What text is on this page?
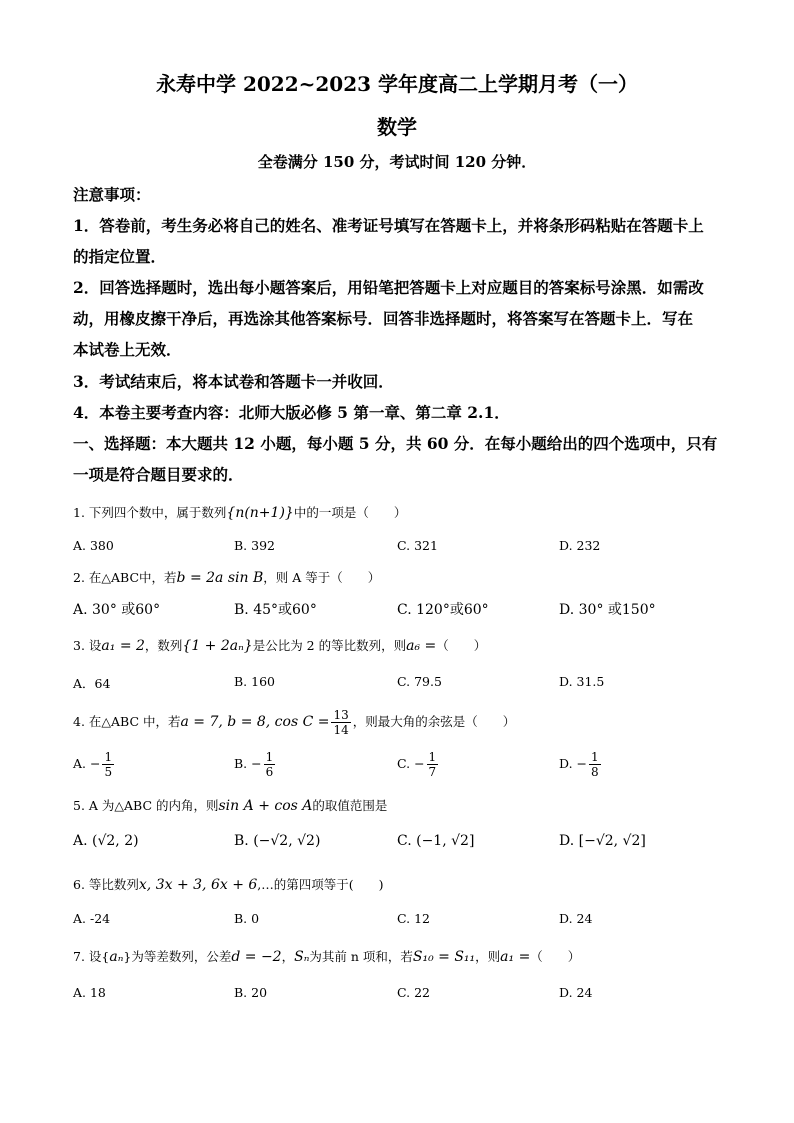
永寿中学 2022~2023 学年度高二上学期月考（一）
数学
全卷满分 150 分，考试时间 120 分钟．
注意事项：
1．答卷前，考生务必将自己的姓名、准考证号填写在答题卡上，并将条形码粘贴在答题卡上
的指定位置．
2．回答选择题时，选出每小题答案后，用铅笔把答题卡上对应题目的答案标号涂黑．如需改
动，用橡皮擦干净后，再选涂其他答案标号．回答非选择题时，将答案写在答题卡上．写在
本试卷上无效．
3．考试结束后，将本试卷和答题卡一并收回．
4．本卷主要考查内容：北师大版必修 5 第一章、第二章 2.1．
一、选择题：本大题共 12 小题，每小题 5 分，共 60 分．在每小题给出的四个选项中，只有
一项是符合题目要求的．
1. 下列四个数中，属于数列{n(n+1)}中的一项是（　　）
A. 380	B. 392	C. 321	D. 232
2. 在△ABC中，若b = 2a sin B，则 A 等于（　　）
A. 30° 或60°	B. 45°或60°	C. 120°或60°	D. 30° 或150°
3. 设a₁ = 2，数列{1 + 2aₙ}是公比为 2 的等比数列，则a₆ =（　　）
A．64	B. 160	C. 79.5	D. 31.5
4. 在△ABC 中，若a = 7, b = 8, $\cos C = \frac{13}{14}$ ，则最大角的余弦是（　　）
A. − $\frac{1}{5}$	B. − $\frac{1}{6}$	C. − $\frac{1}{7}$	D. − $\frac{1}{8}$
5. A 为△ABC 的内角，则sin A + cos A的取值范围是
A. (√2, 2)	B. (−√2, √2)	C. (−1, √2]	D. [−√2, √2]
6. 等比数列x, 3x + 3, 6x + 6,…的第四项等于(　　)
A. -24	B. 0	C. 12	D. 24
7. 设{aₙ}为等差数列，公差d = −2，Sₙ为其前 n 项和，若S₁₀ = S₁₁，则a₁ =（　　）
A. 18	B. 20	C. 22	D. 24
